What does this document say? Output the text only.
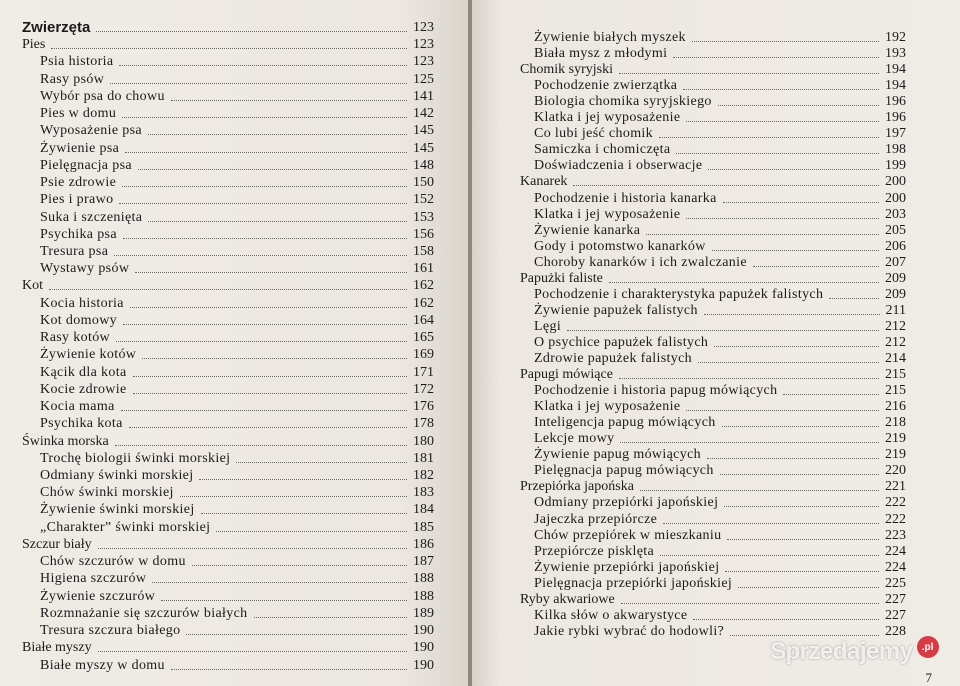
Zwierzęta	123
Pies	123
Psia historia	123
Rasy psów	125
Wybór psa do chowu	141
Pies w domu	142
Wyposażenie psa	145
Żywienie psa	145
Pielęgnacja psa	148
Psie zdrowie	150
Pies i prawo	152
Suka i szczenięta	153
Psychika psa	156
Tresura psa	158
Wystawy psów	161
Kot	162
Kocia historia	162
Kot domowy	164
Rasy kotów	165
Żywienie kotów	169
Kącik dla kota	171
Kocie zdrowie	172
Kocia mama	176
Psychika kota	178
Świnka morska	180
Trochę biologii świnki morskiej	181
Odmiany świnki morskiej	182
Chów świnki morskiej	183
Żywienie świnki morskiej	184
„Charakter” świnki morskiej	185
Szczur biały	186
Chów szczurów w domu	187
Higiena szczurów	188
Żywienie szczurów	188
Rozmnażanie się szczurów białych	189
Tresura szczura białego	190
Białe myszy	190
Białe myszy w domu	190
Żywienie białych myszek	192
Biała mysz z młodymi	193
Chomik syryjski	194
Pochodzenie zwierzątka	194
Biologia chomika syryjskiego	196
Klatka i jej wyposażenie	196
Co lubi jeść chomik	197
Samiczka i chomiczęta	198
Doświadczenia i obserwacje	199
Kanarek	200
Pochodzenie i historia kanarka	200
Klatka i jej wyposażenie	203
Żywienie kanarka	205
Gody i potomstwo kanarków	206
Choroby kanarków i ich zwalczanie	207
Papużki faliste	209
Pochodzenie i charakterystyka papużek falistych	209
Żywienie papużek falistych	211
Lęgi	212
O psychice papużek falistych	212
Zdrowie papużek falistych	214
Papugi mówiące	215
Pochodzenie i historia papug mówiących	215
Klatka i jej wyposażenie	216
Inteligencja papug mówiących	218
Lekcje mowy	219
Żywienie papug mówiących	219
Pielęgnacja papug mówiących	220
Przepiórka japońska	221
Odmiany przepiórki japońskiej	222
Jajeczka przepiórcze	222
Chów przepiórek w mieszkaniu	223
Przepiórcze pisklęta	224
Żywienie przepiórki japońskiej	224
Pielęgnacja przepiórki japońskiej	225
Ryby akwariowe	227
Kilka słów o akwarystyce	227
Jakie rybki wybrać do hodowli?	228
7
Sprzedajemy .pl
